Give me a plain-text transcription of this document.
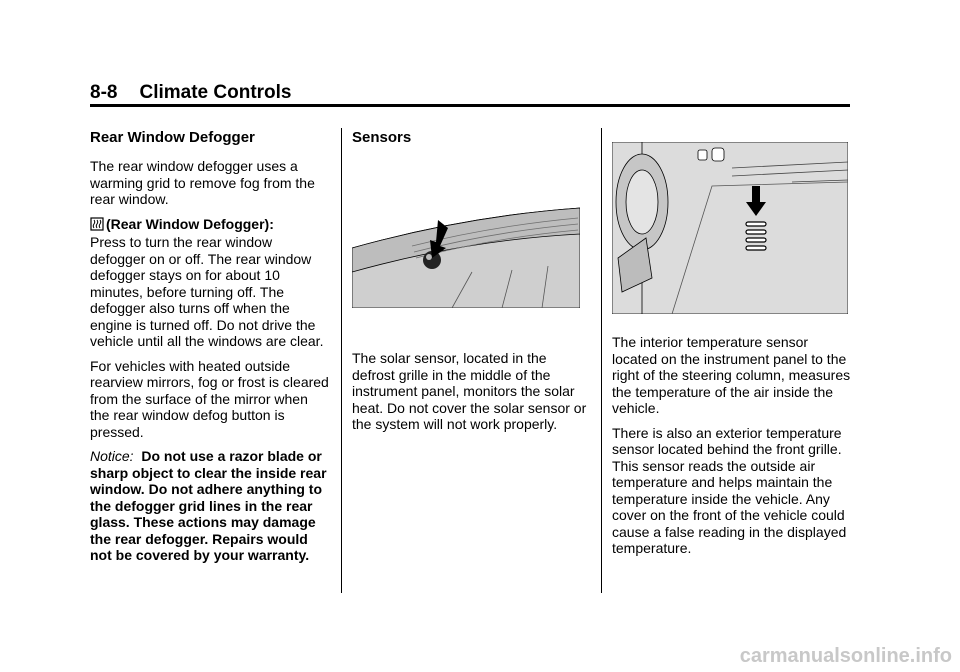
8-8 Climate Controls
Rear Window Defogger

The rear window defogger uses a warming grid to remove fog from the rear window.

(Rear Window Defogger):
Press to turn the rear window defogger on or off. The rear window defogger stays on for about 10 minutes, before turning off. The defogger also turns off when the engine is turned off. Do not drive the vehicle until all the windows are clear.

For vehicles with heated outside rearview mirrors, fog or frost is cleared from the surface of the mirror when the rear window defog button is pressed.

Notice: Do not use a razor blade or sharp object to clear the inside rear window. Do not adhere anything to the defogger grid lines in the rear glass. These actions may damage the rear defogger. Repairs would not be covered by your warranty.

Sensors

The solar sensor, located in the defrost grille in the middle of the instrument panel, monitors the solar heat. Do not cover the solar sensor or the system will not work properly.

The interior temperature sensor located on the instrument panel to the right of the steering column, measures the temperature of the air inside the vehicle.

There is also an exterior temperature sensor located behind the front grille. This sensor reads the outside air temperature and helps maintain the temperature inside the vehicle. Any cover on the front of the vehicle could cause a false reading in the displayed temperature.

carmanualsonline.info
